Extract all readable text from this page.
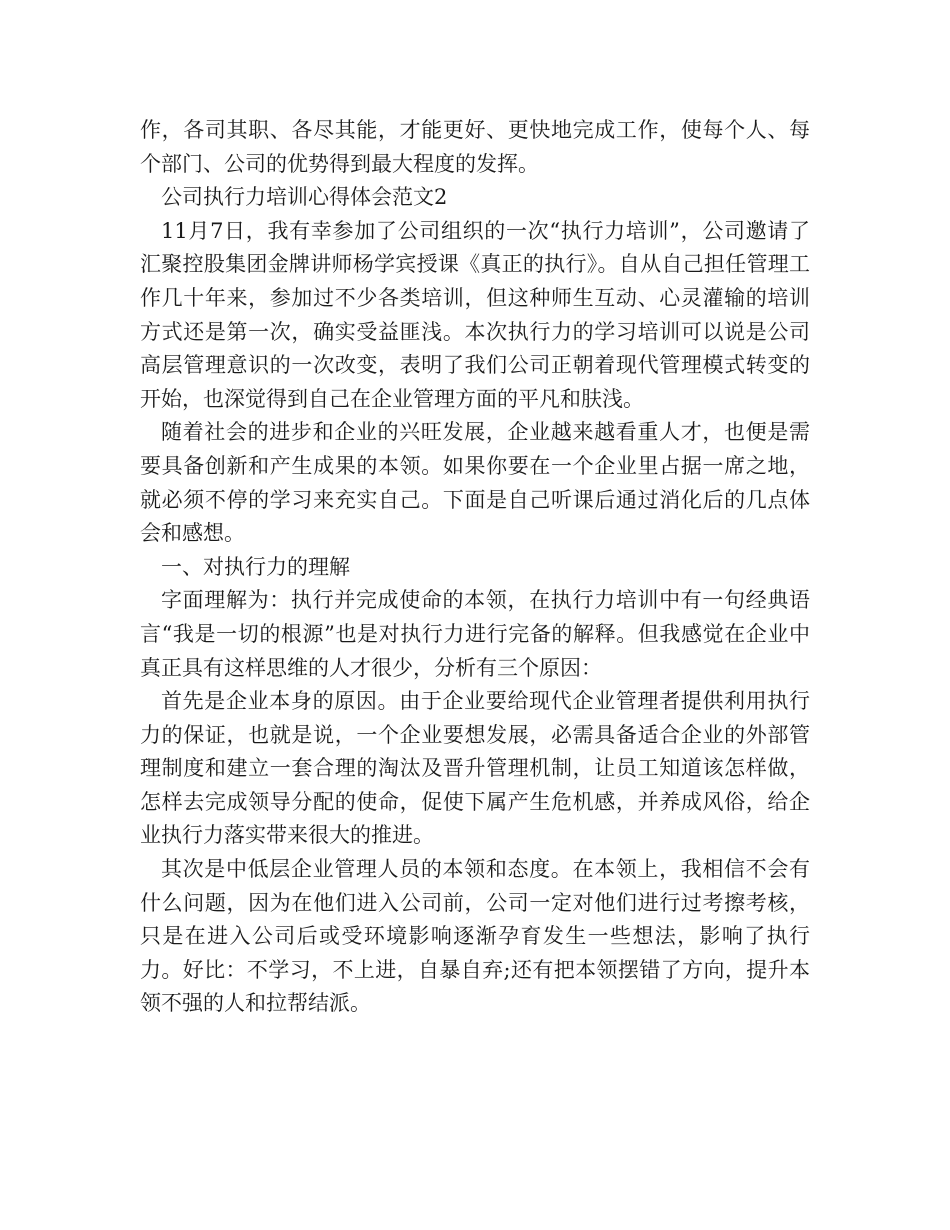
作，各司其职、各尽其能，才能更好、更快地完成工作，使每个人、每个部门、公司的优势得到最大程度的发挥。

公司执行力培训心得体会范文2

11月7日，我有幸参加了公司组织的一次“执行力培训”，公司邀请了汇聚控股集团金牌讲师杨学宾授课《真正的执行》。自从自己担任管理工作几十年来，参加过不少各类培训，但这种师生互动、心灵灌输的培训方式还是第一次，确实受益匪浅。本次执行力的学习培训可以说是公司高层管理意识的一次改变，表明了我们公司正朝着现代管理模式转变的开始，也深觉得到自己在企业管理方面的平凡和肤浅。

随着社会的进步和企业的兴旺发展，企业越来越看重人才，也便是需要具备创新和产生成果的本领。如果你要在一个企业里占据一席之地，就必须不停的学习来充实自己。下面是自己听课后通过消化后的几点体会和感想。

一、对执行力的理解

字面理解为：执行并完成使命的本领，在执行力培训中有一句经典语言“我是一切的根源”也是对执行力进行完备的解释。但我感觉在企业中真正具有这样思维的人才很少，分析有三个原因：

首先是企业本身的原因。由于企业要给现代企业管理者提供利用执行力的保证，也就是说，一个企业要想发展，必需具备适合企业的外部管理制度和建立一套合理的淘汰及晋升管理机制，让员工知道该怎样做，怎样去完成领导分配的使命，促使下属产生危机感，并养成风俗，给企业执行力落实带来很大的推进。

其次是中低层企业管理人员的本领和态度。在本领上，我相信不会有什么问题，因为在他们进入公司前，公司一定对他们进行过考擦考核，只是在进入公司后或受环境影响逐渐孕育发生一些想法，影响了执行力。好比：不学习，不上进，自暴自弃;还有把本领摆错了方向，提升本领不强的人和拉帮结派。
